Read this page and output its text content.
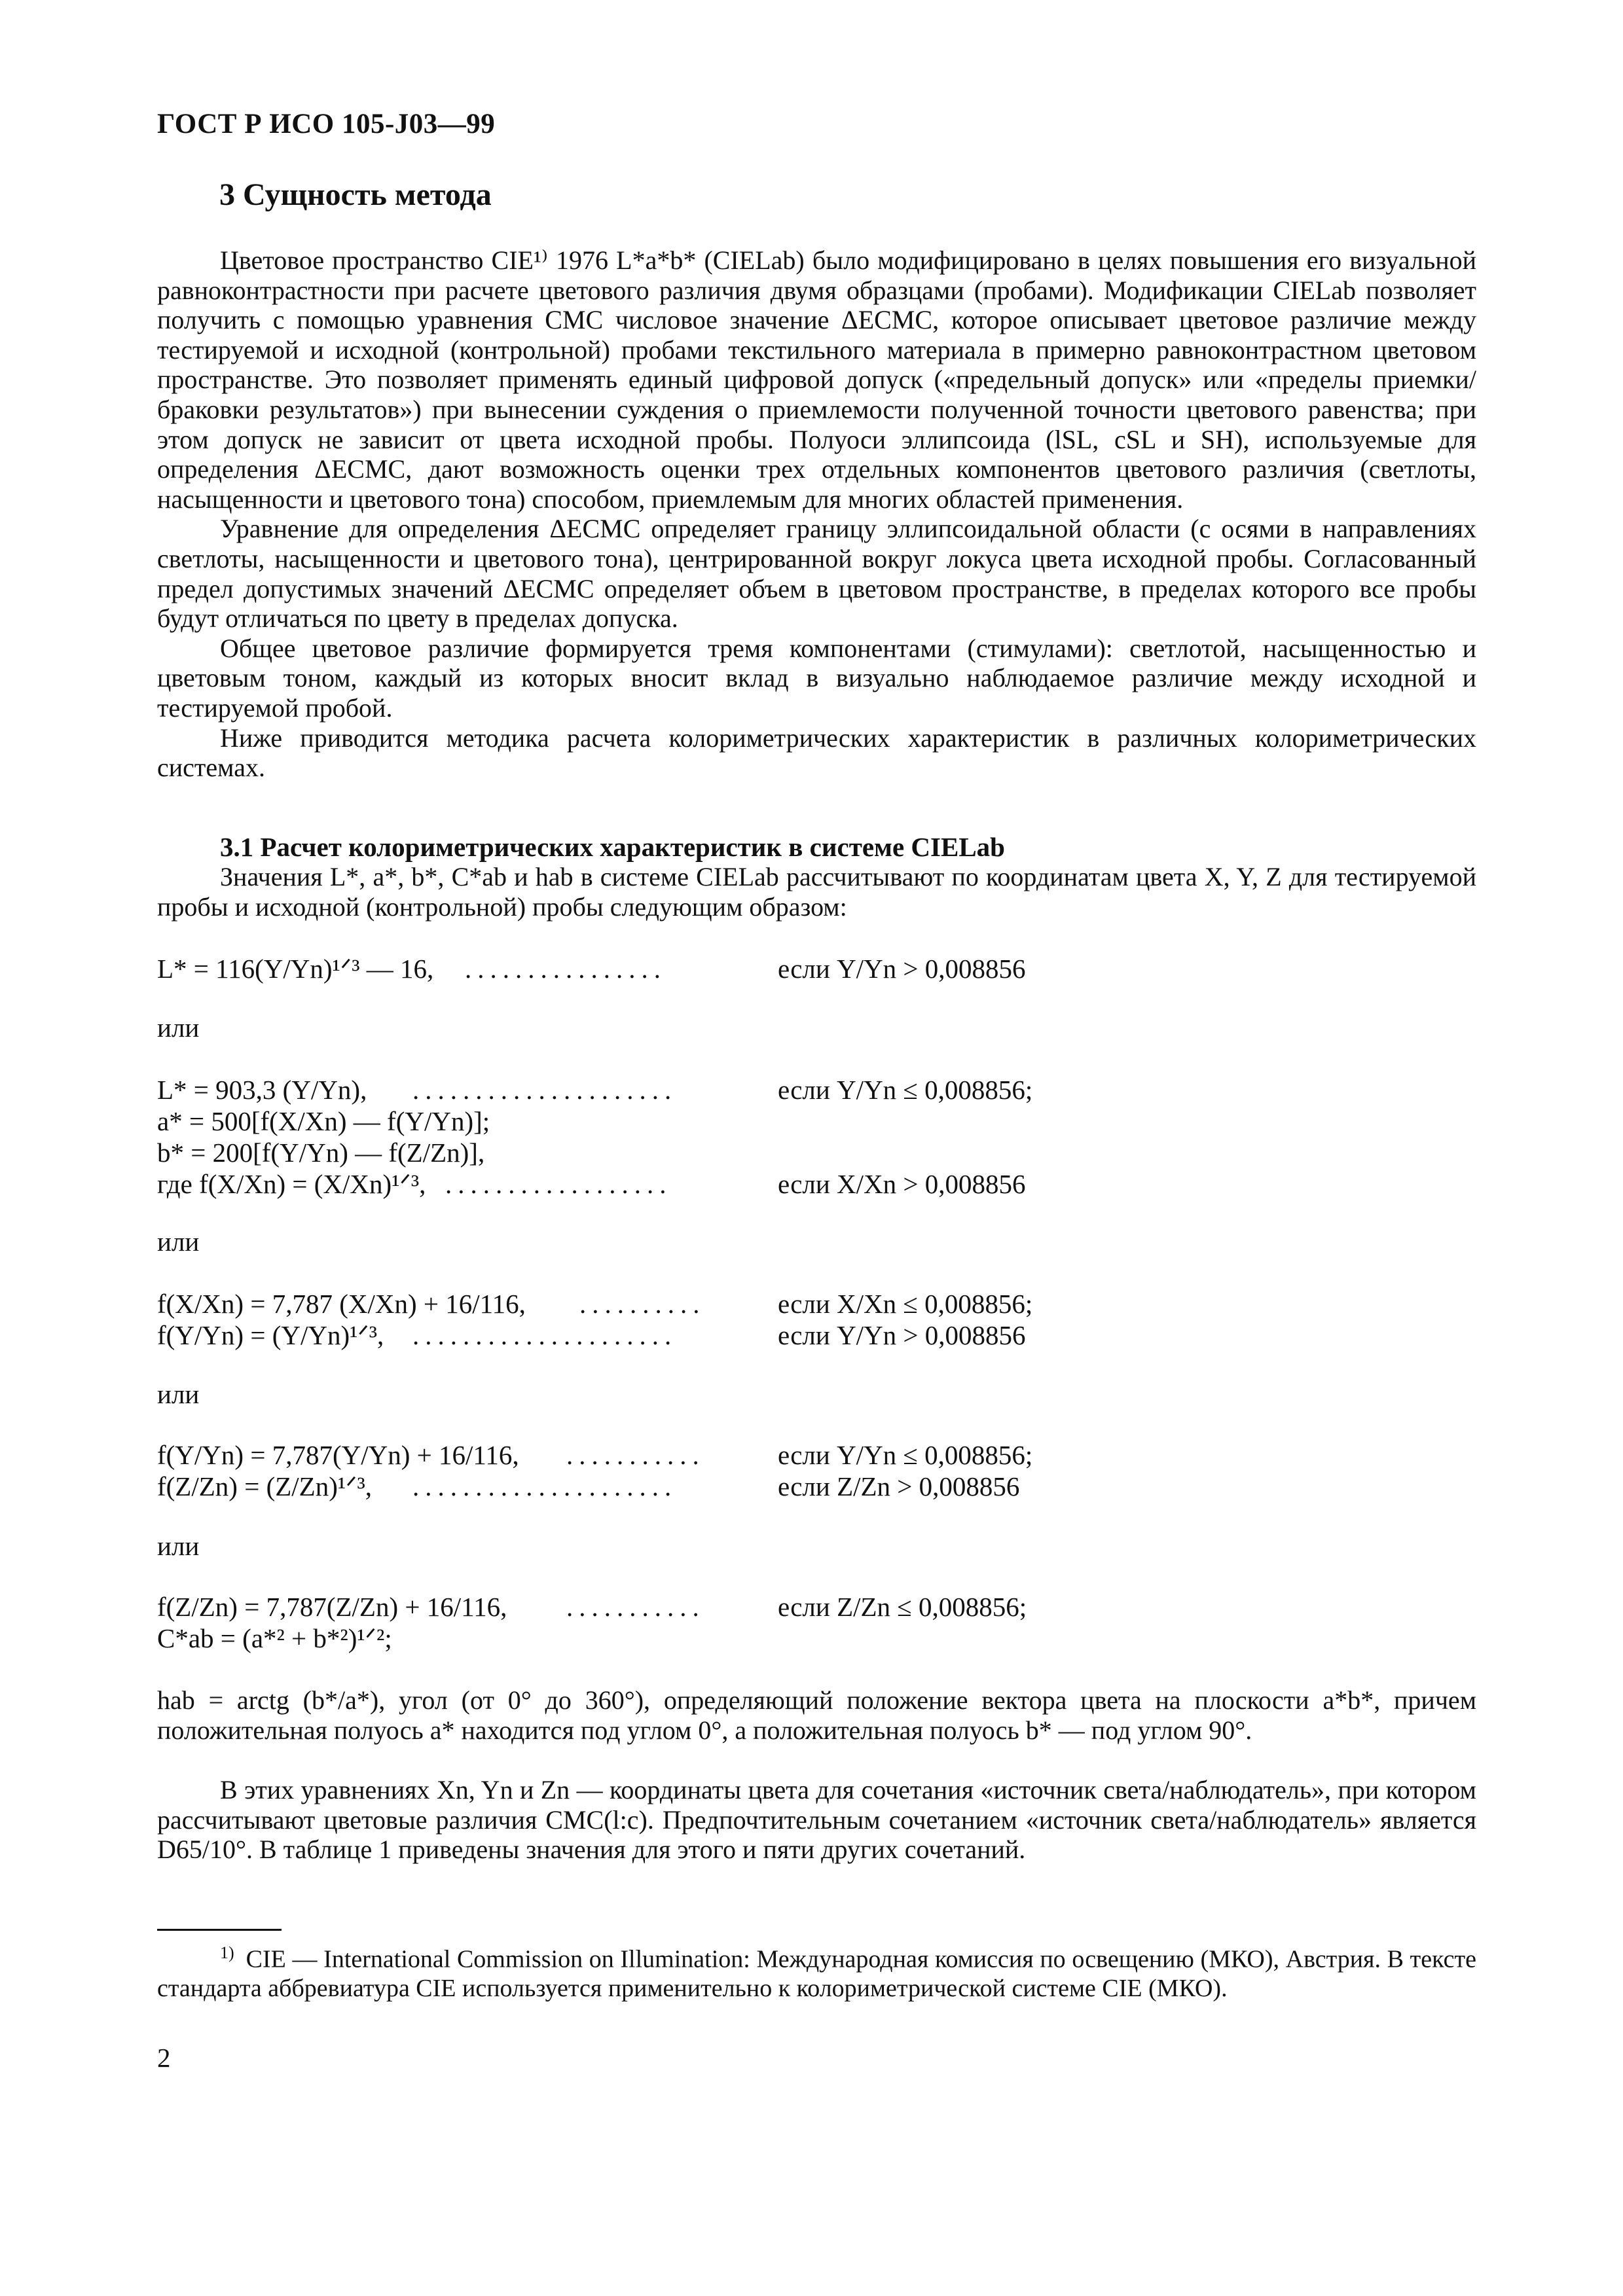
ГОСТ Р ИСО 105-J03—99
3 Сущность метода

Цветовое пространство CIE¹⁾ 1976 L*a*b* (CIELab) было модифицировано в целях повышения его визуальной равноконтрастности при расчете цветового различия двумя образцами (пробами). Модификации CIELab позволяет получить с помощью уравнения CMC числовое значение ΔECMC, которое описывает цветовое различие между тестируемой и исходной (контрольной) пробами текстильного материала в примерно равноконтрастном цветовом пространстве. Это позволяет применять единый цифровой допуск («предельный допуск» или «пределы приемки/браковки результатов») при вынесении суждения о приемлемости полученной точности цветового равенства; при этом допуск не зависит от цвета исходной пробы. Полуоси эллипсоида (lSL, cSL и SH), используемые для определения ΔECMC, дают возможность оценки трех отдельных компонентов цветового различия (светлоты, насыщенности и цветового тона) способом, приемлемым для многих областей применения.

Уравнение для определения ΔECMC определяет границу эллипсоидальной области (с осями в направлениях светлоты, насыщенности и цветового тона), центрированной вокруг локуса цвета исходной пробы. Согласованный предел допустимых значений ΔECMC определяет объем в цветовом пространстве, в пределах которого все пробы будут отличаться по цвету в пределах допуска.

Общее цветовое различие формируется тремя компонентами (стимулами): светлотой, насыщенностью и цветовым тоном, каждый из которых вносит вклад в визуально наблюдаемое различие между исходной и тестируемой пробой.

Ниже приводится методика расчета колориметрических характеристик в различных колориметрических системах.

3.1 Расчет колориметрических характеристик в системе CIELab

Значения L*, a*, b*, C*ab и hab в системе CIELab рассчитывают по координатам цвета X, Y, Z для тестируемой пробы и исходной (контрольной) пробы следующим образом:

L* = 116(Y/Yn)¹ᐟ³ — 16, ................	если Y/Yn > 0,008856
или
L* = 903,3 (Y/Yn), .....................	если Y/Yn ≤ 0,008856;
a* = 500[f(X/Xn) — f(Y/Yn)];
b* = 200[f(Y/Yn) — f(Z/Zn)],
где f(X/Xn) = (X/Xn)¹ᐟ³, ..................	если X/Xn > 0,008856
или
f(X/Xn) = 7,787 (X/Xn) + 16/116, ..........	если X/Xn ≤ 0,008856;
f(Y/Yn) = (Y/Yn)¹ᐟ³, .....................	если Y/Yn > 0,008856
или
f(Y/Yn) = 7,787(Y/Yn) + 16/116, ...........	если Y/Yn ≤ 0,008856;
f(Z/Zn) = (Z/Zn)¹ᐟ³, .....................	если Z/Zn > 0,008856
или
f(Z/Zn) = 7,787(Z/Zn) + 16/116, ...........	если Z/Zn ≤ 0,008856;
C*ab = (a*² + b*²)¹ᐟ²;

hab = arctg (b*/a*), угол (от 0° до 360°), определяющий положение вектора цвета на плоскости a*b*, причем положительная полуось a* находится под углом 0°, а положительная полуось b* — под углом 90°.

В этих уравнениях Xn, Yn и Zn — координаты цвета для сочетания «источник света/наблюдатель», при котором рассчитывают цветовые различия CMC(l:c). Предпочтительным сочетанием «источник света/наблюдатель» является D65/10°. В таблице 1 приведены значения для этого и пяти других сочетаний.

$^{1)}$ CIE — International Commission on Illumination: Международная комиссия по освещению (МКО), Австрия. В тексте стандарта аббревиатура CIE используется применительно к колориметрической системе CIE (МКО).
2
